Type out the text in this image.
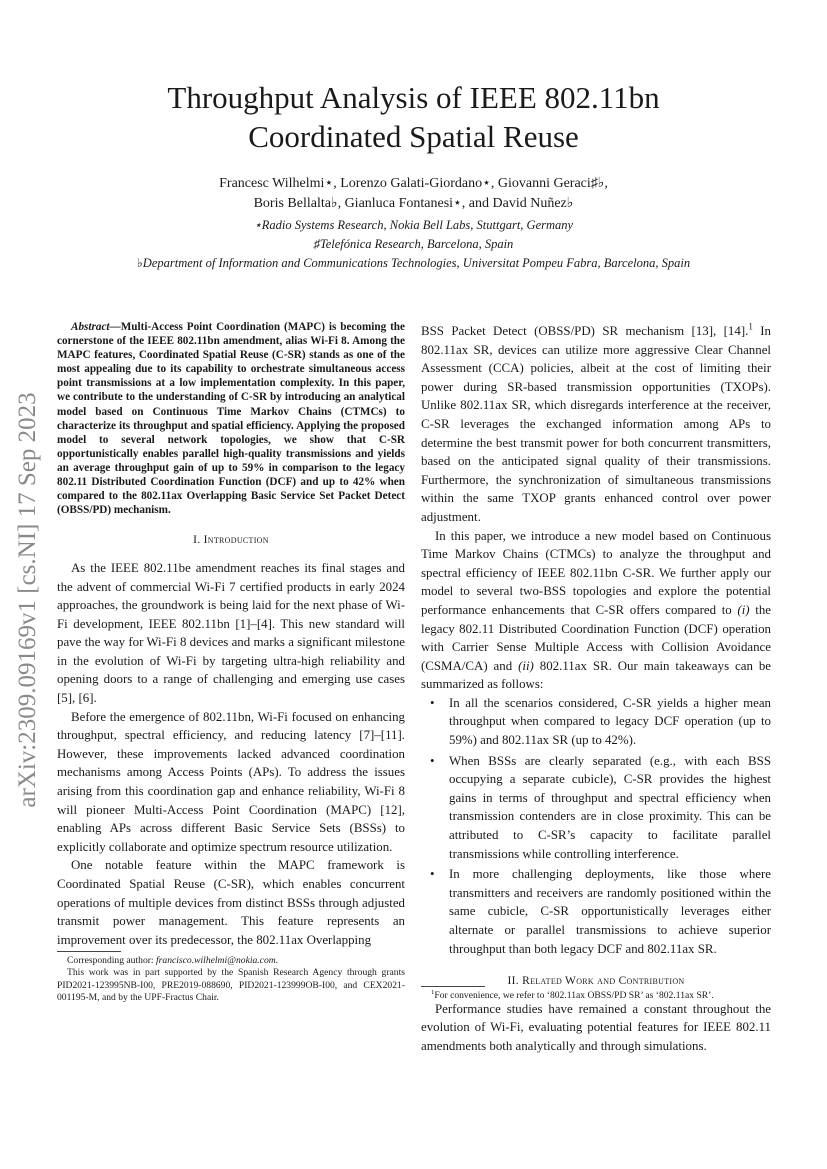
arXiv:2309.09169v1 [cs.NI] 17 Sep 2023
Throughput Analysis of IEEE 802.11bn
Coordinated Spatial Reuse
Francesc Wilhelmi⋆, Lorenzo Galati-Giordano⋆, Giovanni Geraci♯♭,
Boris Bellalta♭, Gianluca Fontanesi⋆, and David Nuñez♭
⋆Radio Systems Research, Nokia Bell Labs, Stuttgart, Germany
♯Telefónica Research, Barcelona, Spain
♭Department of Information and Communications Technologies, Universitat Pompeu Fabra, Barcelona, Spain

Abstract—Multi-Access Point Coordination (MAPC) is becoming the cornerstone of the IEEE 802.11bn amendment, alias Wi-Fi 8. Among the MAPC features, Coordinated Spatial Reuse (C-SR) stands as one of the most appealing due to its capability to orchestrate simultaneous access point transmissions at a low implementation complexity. In this paper, we contribute to the understanding of C-SR by introducing an analytical model based on Continuous Time Markov Chains (CTMCs) to characterize its throughput and spatial efficiency. Applying the proposed model to several network topologies, we show that C-SR opportunistically enables parallel high-quality transmissions and yields an average throughput gain of up to 59% in comparison to the legacy 802.11 Distributed Coordination Function (DCF) and up to 42% when compared to the 802.11ax Overlapping Basic Service Set Packet Detect (OBSS/PD) mechanism.

I. Introduction

As the IEEE 802.11be amendment reaches its final stages and the advent of commercial Wi-Fi 7 certified products in early 2024 approaches, the groundwork is being laid for the next phase of Wi-Fi development, IEEE 802.11bn [1]–[4]. This new standard will pave the way for Wi-Fi 8 devices and marks a significant milestone in the evolution of Wi-Fi by targeting ultra-high reliability and opening doors to a range of challenging and emerging use cases [5], [6].

Before the emergence of 802.11bn, Wi-Fi focused on enhancing throughput, spectral efficiency, and reducing latency [7]–[11]. However, these improvements lacked advanced coordination mechanisms among Access Points (APs). To address the issues arising from this coordination gap and enhance reliability, Wi-Fi 8 will pioneer Multi-Access Point Coordination (MAPC) [12], enabling APs across different Basic Service Sets (BSSs) to explicitly collaborate and optimize spectrum resource utilization.

One notable feature within the MAPC framework is Coordinated Spatial Reuse (C-SR), which enables concurrent operations of multiple devices from distinct BSSs through adjusted transmit power management. This feature represents an improvement over its predecessor, the 802.11ax Overlapping

Corresponding author: francisco.wilhelmi@nokia.com.

This work was in part supported by the Spanish Research Agency through grants PID2021-123995NB-I00, PRE2019-088690, PID2021-123999OB-I00, and CEX2021-001195-M, and by the UPF-Fractus Chair.

BSS Packet Detect (OBSS/PD) SR mechanism [13], [14].$^1$ In 802.11ax SR, devices can utilize more aggressive Clear Channel Assessment (CCA) policies, albeit at the cost of limiting their power during SR-based transmission opportunities (TXOPs). Unlike 802.11ax SR, which disregards interference at the receiver, C-SR leverages the exchanged information among APs to determine the best transmit power for both concurrent transmitters, based on the anticipated signal quality of their transmissions. Furthermore, the synchronization of simultaneous transmissions within the same TXOP grants enhanced control over power adjustment.

In this paper, we introduce a new model based on Continuous Time Markov Chains (CTMCs) to analyze the throughput and spectral efficiency of IEEE 802.11bn C-SR. We further apply our model to several two-BSS topologies and explore the potential performance enhancements that C-SR offers compared to (i) the legacy 802.11 Distributed Coordination Function (DCF) operation with Carrier Sense Multiple Access with Collision Avoidance (CSMA/CA) and (ii) 802.11ax SR. Our main takeaways can be summarized as follows:

• In all the scenarios considered, C-SR yields a higher mean throughput when compared to legacy DCF operation (up to 59%) and 802.11ax SR (up to 42%).
• When BSSs are clearly separated (e.g., with each BSS occupying a separate cubicle), C-SR provides the highest gains in terms of throughput and spectral efficiency when transmission contenders are in close proximity. This can be attributed to C-SR’s capacity to facilitate parallel transmissions while controlling interference.
• In more challenging deployments, like those where transmitters and receivers are randomly positioned within the same cubicle, C-SR opportunistically leverages either alternate or parallel transmissions to achieve superior throughput than both legacy DCF and 802.11ax SR.
II. Related Work and Contribution

Performance studies have remained a constant throughout the evolution of Wi-Fi, evaluating potential features for IEEE 802.11 amendments both analytically and through simulations.

$^1$For convenience, we refer to ‘802.11ax OBSS/PD SR’ as ‘802.11ax SR’.
